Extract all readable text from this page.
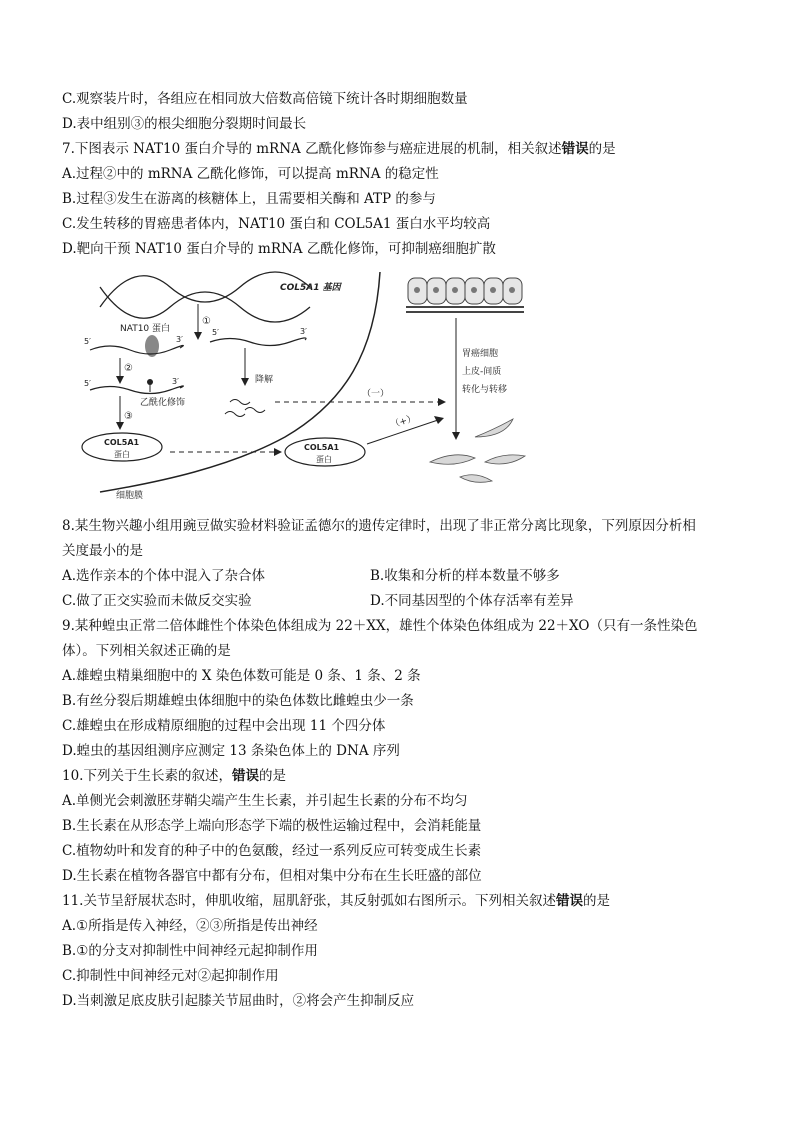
C.观察装片时，各组应在相同放大倍数高倍镜下统计各时期细胞数量
D.表中组别③的根尖细胞分裂期时间最长
7.下图表示 NAT10 蛋白介导的 mRNA 乙酰化修饰参与癌症进展的机制，相关叙述错误的是
A.过程②中的 mRNA 乙酰化修饰，可以提高 mRNA 的稳定性
B.过程③发生在游离的核糖体上，且需要相关酶和 ATP 的参与
C.发生转移的胃癌患者体内，NAT10 蛋白和 COL5A1 蛋白水平均较高
D.靶向干预 NAT10 蛋白介导的 mRNA 乙酰化修饰，可抑制癌细胞扩散
COL5A1 基因
①
NAT10 蛋白
5′	3′
5′	3′
②
5′	3′
乙酰化修饰
③
降解
COL5A1
蛋白
细胞膜
COL5A1
蛋白
（+）
（一）
胃癌细胞
上皮-间质
转化与转移
8.某生物兴趣小组用豌豆做实验材料验证孟德尔的遗传定律时，出现了非正常分离比现象，下列原因分析相
关度最小的是
A.选作亲本的个体中混入了杂合体	B.收集和分析的样本数量不够多
C.做了正交实验而未做反交实验	D.不同基因型的个体存活率有差异
9.某种蝗虫正常二倍体雌性个体染色体组成为 22＋XX，雄性个体染色体组成为 22＋XO（只有一条性染色
体）。下列相关叙述正确的是
A.雄蝗虫精巢细胞中的 X 染色体数可能是 0 条、1 条、2 条
B.有丝分裂后期雄蝗虫体细胞中的染色体数比雌蝗虫少一条
C.雄蝗虫在形成精原细胞的过程中会出现 11 个四分体
D.蝗虫的基因组测序应测定 13 条染色体上的 DNA 序列
10.下列关于生长素的叙述，错误的是
A.单侧光会刺激胚芽鞘尖端产生生长素，并引起生长素的分布不均匀
B.生长素在从形态学上端向形态学下端的极性运输过程中，会消耗能量
C.植物幼叶和发育的种子中的色氨酸，经过一系列反应可转变成生长素
D.生长素在植物各器官中都有分布，但相对集中分布在生长旺盛的部位
11.关节呈舒展状态时，伸肌收缩，屈肌舒张，其反射弧如右图所示。下列相关叙述错误的是
A.①所指是传入神经，②③所指是传出神经
B.①的分支对抑制性中间神经元起抑制作用
C.抑制性中间神经元对②起抑制作用
D.当刺激足底皮肤引起膝关节屈曲时，②将会产生抑制反应
